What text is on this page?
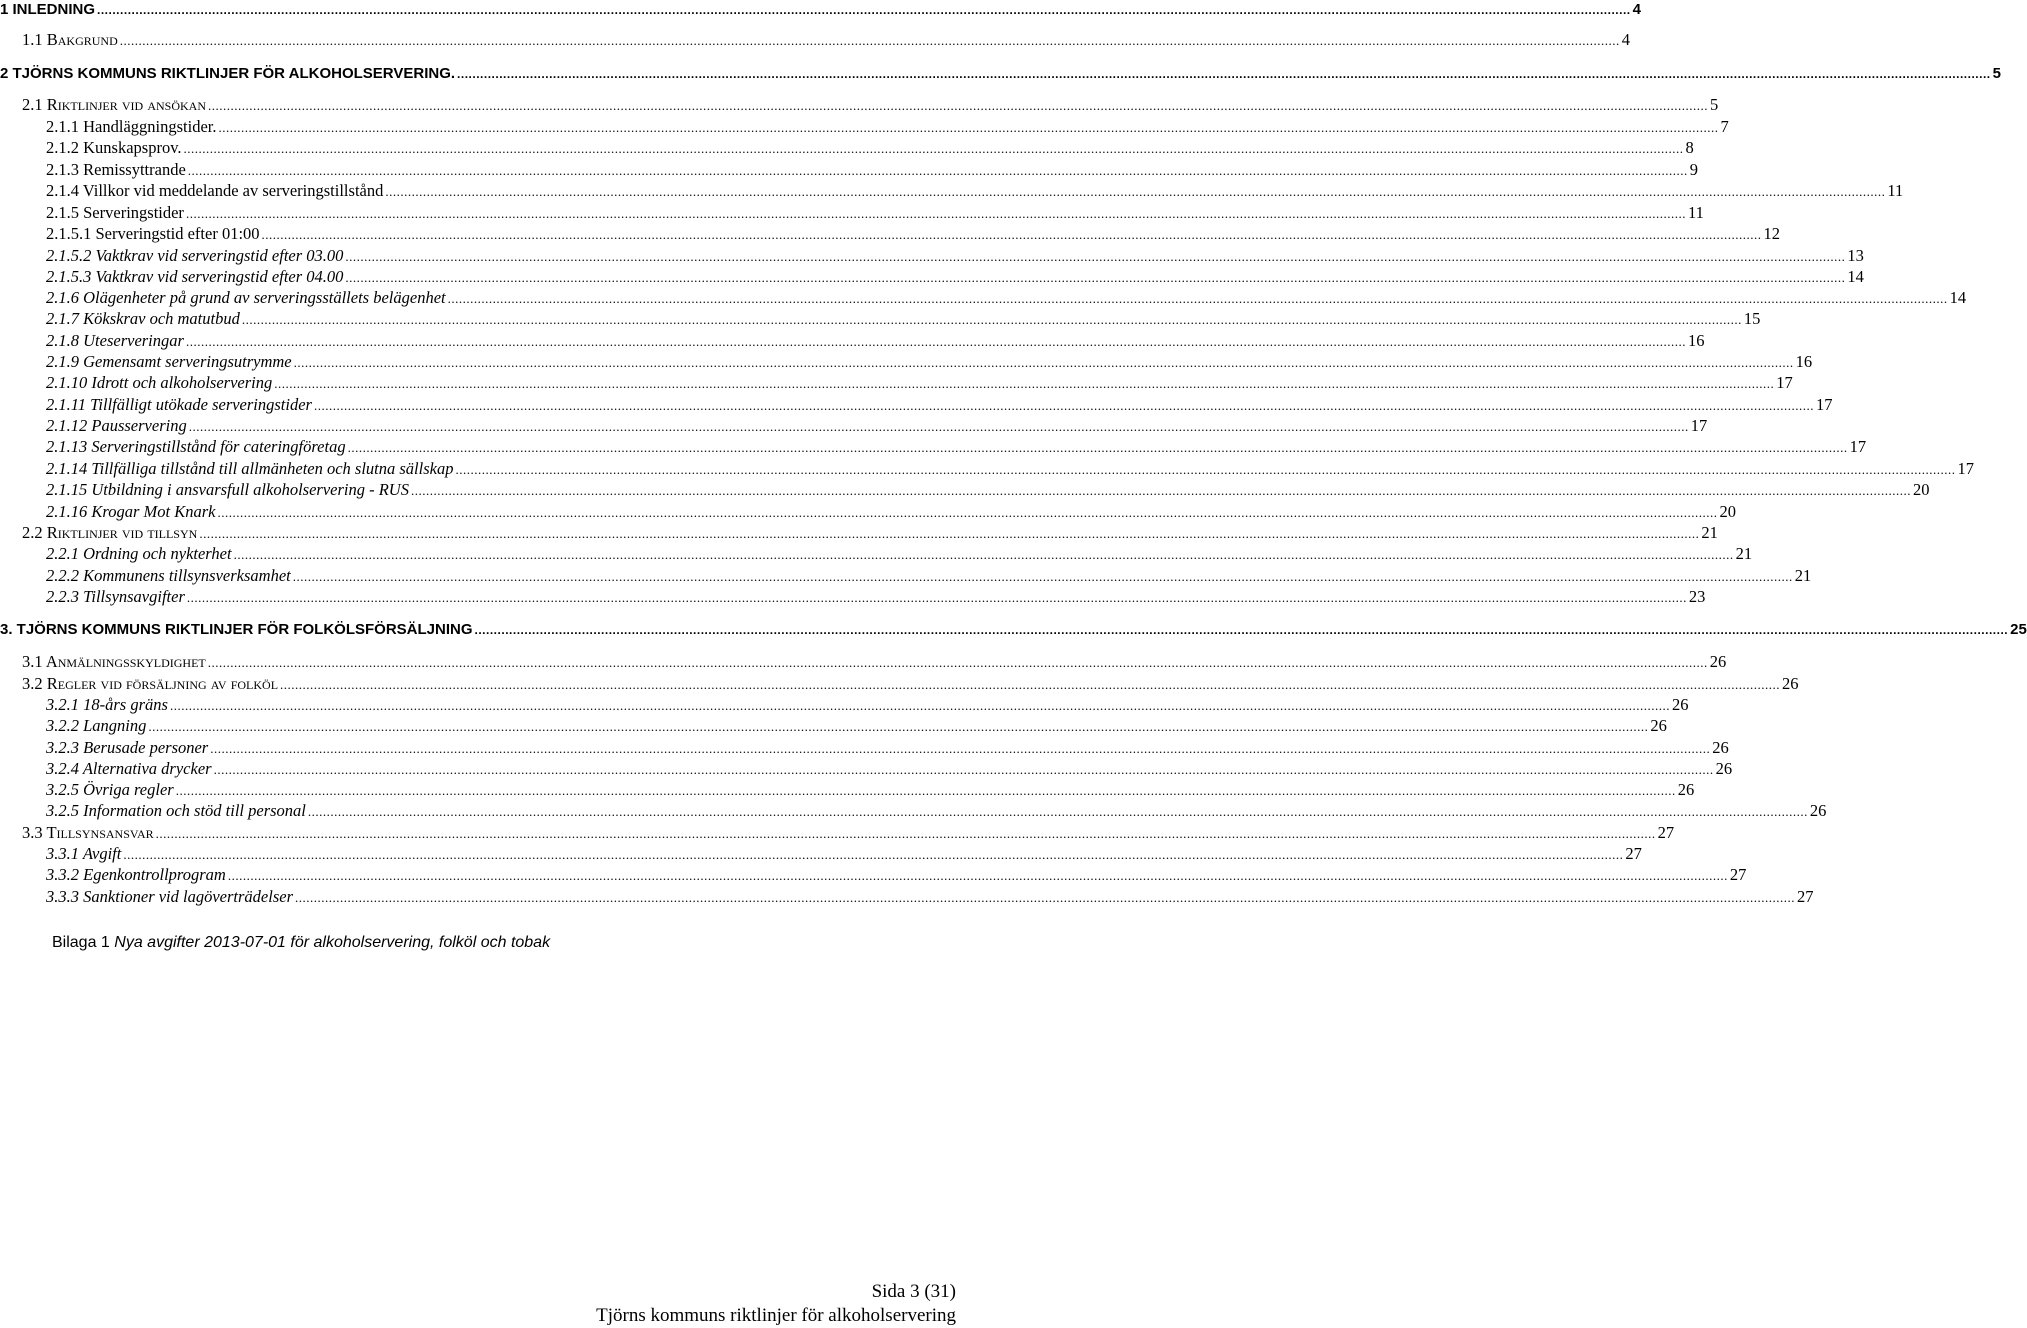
1 INLEDNING ................................................................................................................................................................................................................................................................................................................................................................................................................ 4
1.1 Bakgrund ................................................................................................................................................................................................................................................................................................................................................................................................................ 4
2 TJÖRNS KOMMUNS RIKTLINJER FÖR ALKOHOLSERVERING. ................................................................................................................................................................................................................................................................................................................................................................................................................ 5
2.1 Riktlinjer vid ansökan ................................................................................................................................................................................................................................................................................................................................................................................................................ 5
2.1.1 Handläggningstider. ................................................................................................................................................................................................................................................................................................................................................................................................................ 7
2.1.2 Kunskapsprov. ................................................................................................................................................................................................................................................................................................................................................................................................................ 8
2.1.3 Remissyttrande ................................................................................................................................................................................................................................................................................................................................................................................................................ 9
2.1.4 Villkor vid meddelande av serveringstillstånd ................................................................................................................................................................................................................................................................................................................................................................................................................ 11
2.1.5 Serveringstider ................................................................................................................................................................................................................................................................................................................................................................................................................ 11
2.1.5.1 Serveringstid efter 01:00 ................................................................................................................................................................................................................................................................................................................................................................................................................ 12
2.1.5.2 Vaktkrav vid serveringstid efter 03.00 ................................................................................................................................................................................................................................................................................................................................................................................................................ 13
2.1.5.3 Vaktkrav vid serveringstid efter 04.00 ................................................................................................................................................................................................................................................................................................................................................................................................................ 14
2.1.6 Olägenheter på grund av serveringsställets belägenhet ................................................................................................................................................................................................................................................................................................................................................................................................................ 14
2.1.7 Kökskrav och matutbud ................................................................................................................................................................................................................................................................................................................................................................................................................ 15
2.1.8 Uteserveringar ................................................................................................................................................................................................................................................................................................................................................................................................................ 16
2.1.9 Gemensamt serveringsutrymme ................................................................................................................................................................................................................................................................................................................................................................................................................ 16
2.1.10 Idrott och alkoholservering ................................................................................................................................................................................................................................................................................................................................................................................................................ 17
2.1.11 Tillfälligt utökade serveringstider ................................................................................................................................................................................................................................................................................................................................................................................................................ 17
2.1.12 Pausservering ................................................................................................................................................................................................................................................................................................................................................................................................................ 17
2.1.13 Serveringstillstånd för cateringföretag ................................................................................................................................................................................................................................................................................................................................................................................................................ 17
2.1.14 Tillfälliga tillstånd till allmänheten och slutna sällskap ................................................................................................................................................................................................................................................................................................................................................................................................................ 17
2.1.15 Utbildning i ansvarsfull alkoholservering - RUS ................................................................................................................................................................................................................................................................................................................................................................................................................ 20
2.1.16 Krogar Mot Knark ................................................................................................................................................................................................................................................................................................................................................................................................................ 20
2.2 Riktlinjer vid tillsyn ................................................................................................................................................................................................................................................................................................................................................................................................................ 21
2.2.1 Ordning och nykterhet ................................................................................................................................................................................................................................................................................................................................................................................................................ 21
2.2.2 Kommunens tillsynsverksamhet ................................................................................................................................................................................................................................................................................................................................................................................................................ 21
2.2.3 Tillsynsavgifter ................................................................................................................................................................................................................................................................................................................................................................................................................ 23
3. TJÖRNS KOMMUNS RIKTLINJER FÖR FOLKÖLSFÖRSÄLJNING ................................................................................................................................................................................................................................................................................................................................................................................................................ 25
3.1 Anmälningsskyldighet ................................................................................................................................................................................................................................................................................................................................................................................................................ 26
3.2 Regler vid försäljning av folköl ................................................................................................................................................................................................................................................................................................................................................................................................................ 26
3.2.1 18-års gräns ................................................................................................................................................................................................................................................................................................................................................................................................................ 26
3.2.2 Langning ................................................................................................................................................................................................................................................................................................................................................................................................................ 26
3.2.3 Berusade personer ................................................................................................................................................................................................................................................................................................................................................................................................................ 26
3.2.4 Alternativa drycker ................................................................................................................................................................................................................................................................................................................................................................................................................ 26
3.2.5 Övriga regler ................................................................................................................................................................................................................................................................................................................................................................................................................ 26
3.2.5 Information och stöd till personal ................................................................................................................................................................................................................................................................................................................................................................................................................ 26
3.3 Tillsynsansvar ................................................................................................................................................................................................................................................................................................................................................................................................................ 27
3.3.1 Avgift ................................................................................................................................................................................................................................................................................................................................................................................................................ 27
3.3.2 Egenkontrollprogram ................................................................................................................................................................................................................................................................................................................................................................................................................ 27
3.3.3 Sanktioner vid lagöverträdelser ................................................................................................................................................................................................................................................................................................................................................................................................................ 27
Bilaga 1 Nya avgifter 2013-07-01 för alkoholservering, folköl och tobak
Sida 3 (31)
Tjörns kommuns riktlinjer för alkoholservering
